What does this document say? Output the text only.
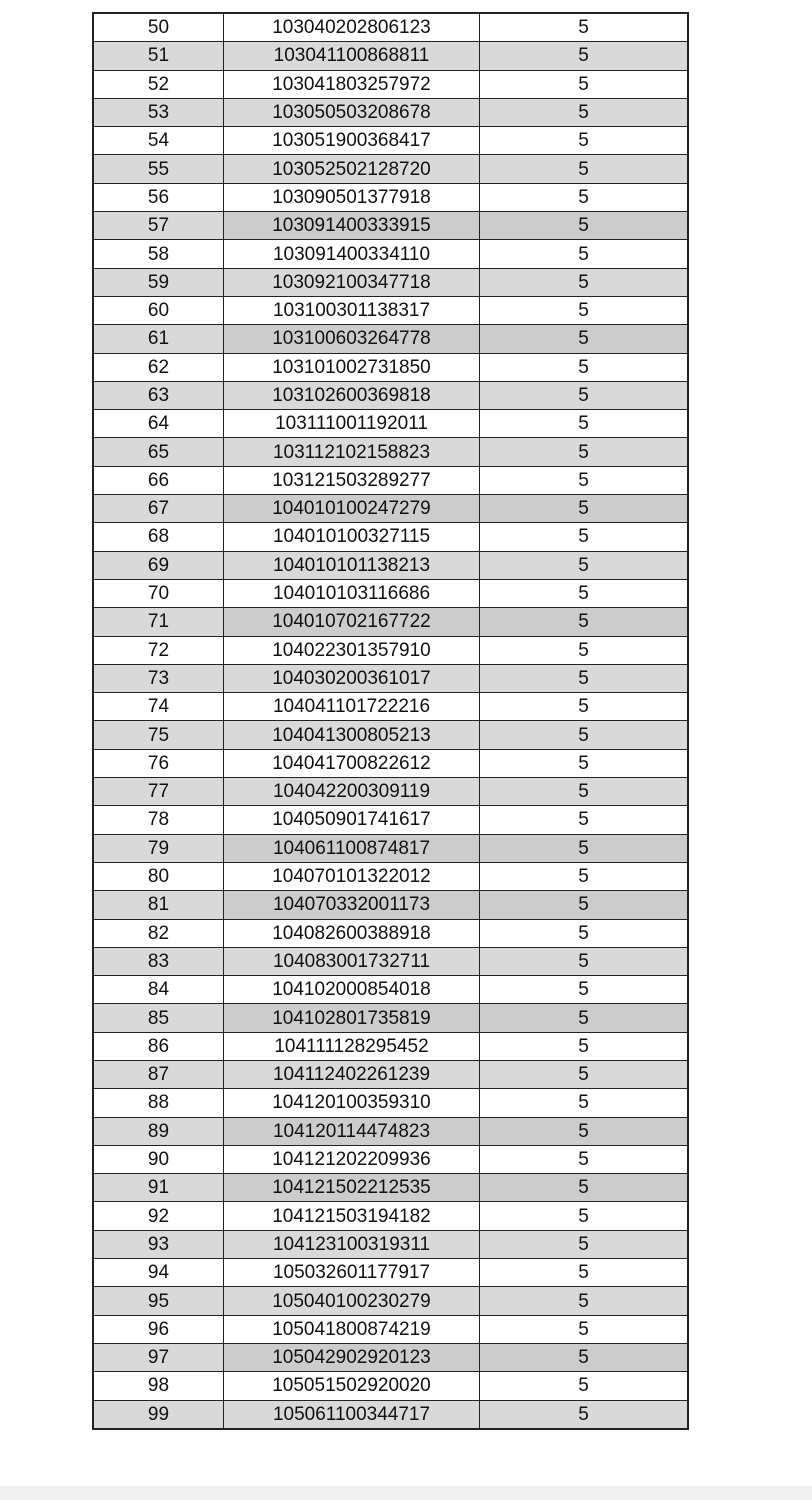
50	103040202806123	5
51	103041100868811	5
52	103041803257972	5
53	103050503208678	5
54	103051900368417	5
55	103052502128720	5
56	103090501377918	5
57	103091400333915	5
58	103091400334110	5
59	103092100347718	5
60	103100301138317	5
61	103100603264778	5
62	103101002731850	5
63	103102600369818	5
64	103111001192011	5
65	103112102158823	5
66	103121503289277	5
67	104010100247279	5
68	104010100327115	5
69	104010101138213	5
70	104010103116686	5
71	104010702167722	5
72	104022301357910	5
73	104030200361017	5
74	104041101722216	5
75	104041300805213	5
76	104041700822612	5
77	104042200309119	5
78	104050901741617	5
79	104061100874817	5
80	104070101322012	5
81	104070332001173	5
82	104082600388918	5
83	104083001732711	5
84	104102000854018	5
85	104102801735819	5
86	104111128295452	5
87	104112402261239	5
88	104120100359310	5
89	104120114474823	5
90	104121202209936	5
91	104121502212535	5
92	104121503194182	5
93	104123100319311	5
94	105032601177917	5
95	105040100230279	5
96	105041800874219	5
97	105042902920123	5
98	105051502920020	5
99	105061100344717	5
